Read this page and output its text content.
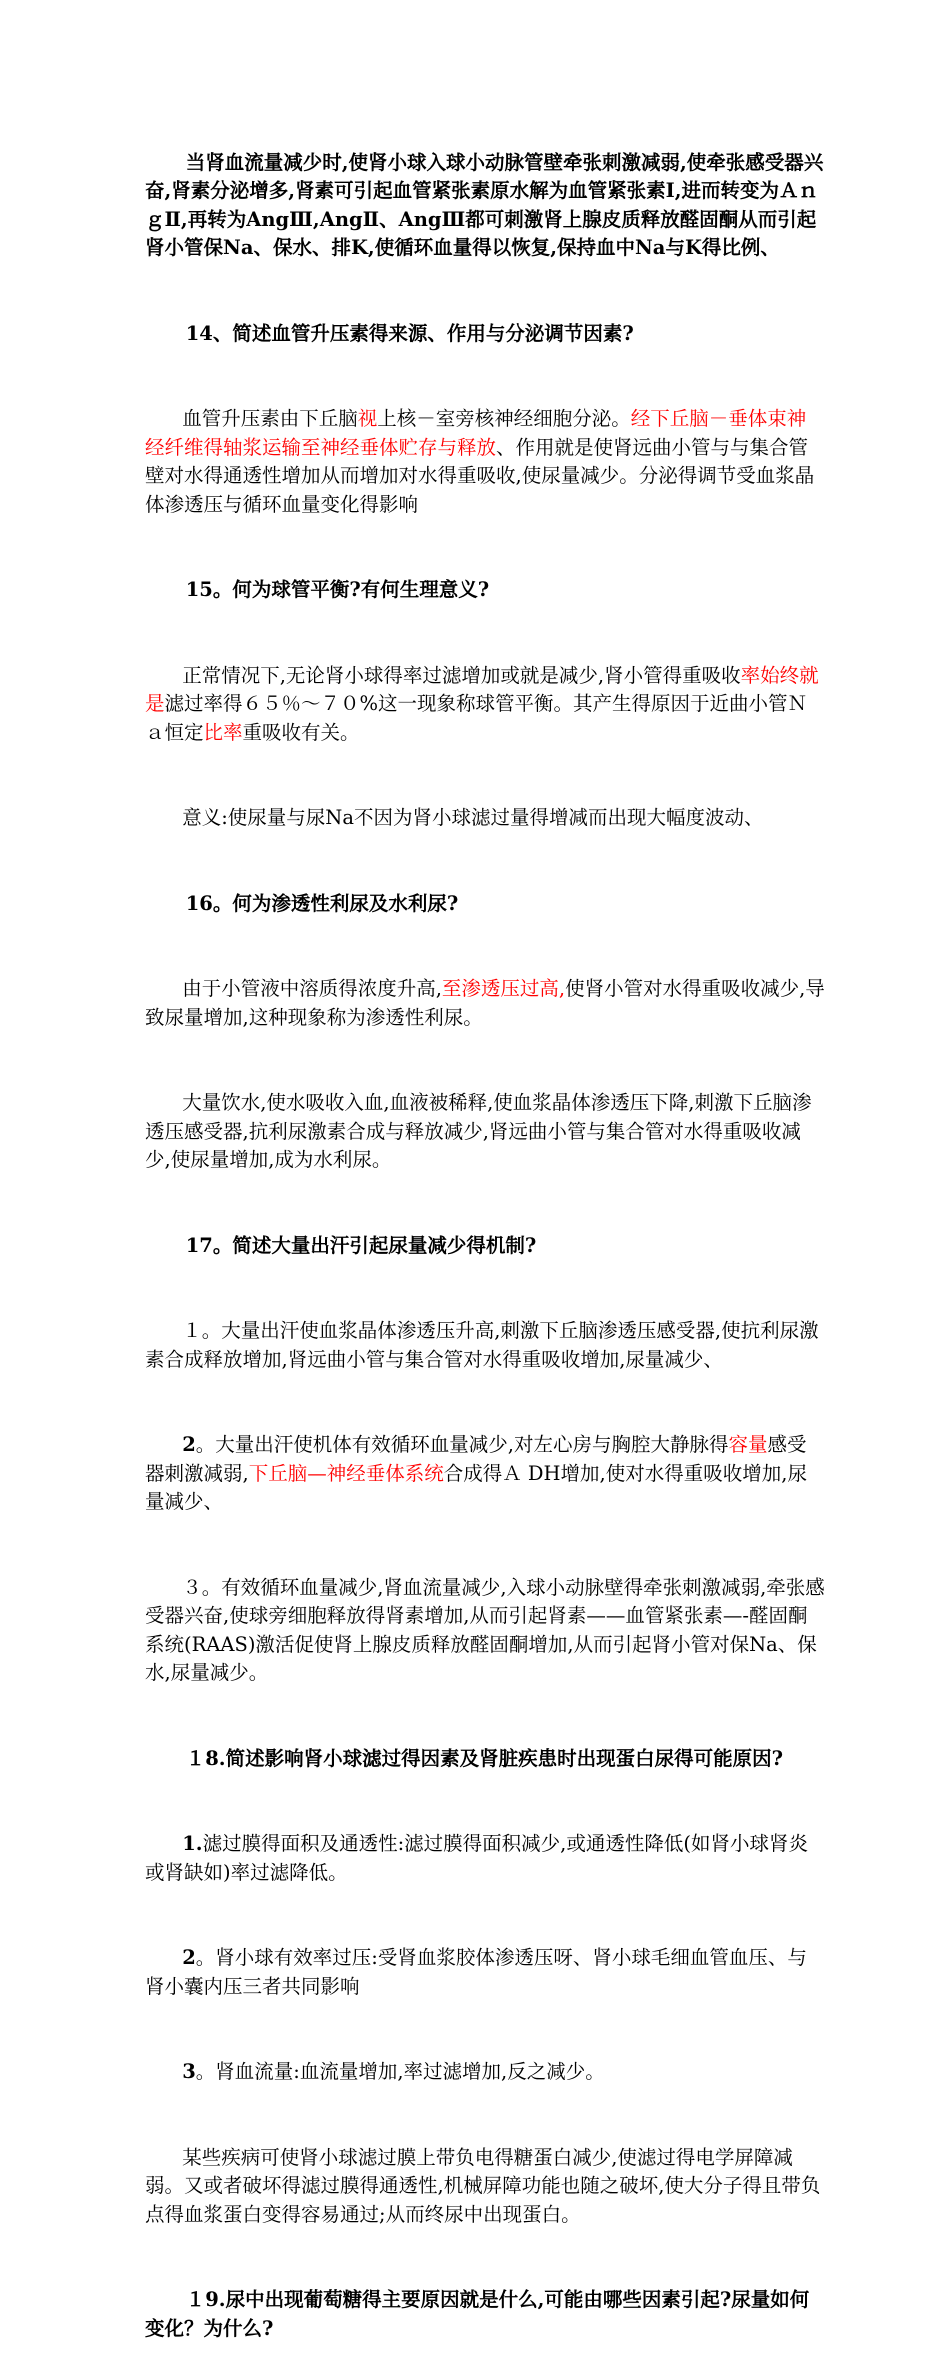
当肾血流量减少时,使肾小球入球小动脉管壁牵张刺激减弱,使牵张感受器兴奋,肾素分泌增多,肾素可引起血管紧张素原水解为血管紧张素Ⅰ,进而转变为ＡｎｇⅡ,再转为AngⅢ,AngⅡ、AngⅢ都可刺激肾上腺皮质释放醛固酮从而引起肾小管保Na、保水、排K,使循环血量得以恢复,保持血中Na与K得比例、

14、简述血管升压素得来源、作用与分泌调节因素?

血管升压素由下丘脑视上核－室旁核神经细胞分泌。经下丘脑－垂体束神经纤维得轴浆运输至神经垂体贮存与释放、作用就是使肾远曲小管与与集合管壁对水得通透性增加从而增加对水得重吸收,使尿量减少。分泌得调节受血浆晶体渗透压与循环血量变化得影响

15。何为球管平衡?有何生理意义?

正常情况下,无论肾小球得率过滤增加或就是减少,肾小管得重吸收率始终就是滤过率得６５％～７０%这一现象称球管平衡。其产生得原因于近曲小管Ｎａ恒定比率重吸收有关。

意义:使尿量与尿Na不因为肾小球滤过量得增减而出现大幅度波动、

16。何为渗透性利尿及水利尿?

由于小管液中溶质得浓度升高,至渗透压过高,使肾小管对水得重吸收减少,导致尿量增加,这种现象称为渗透性利尿。

大量饮水,使水吸收入血,血液被稀释,使血浆晶体渗透压下降,刺激下丘脑渗透压感受器,抗利尿激素合成与释放减少,肾远曲小管与集合管对水得重吸收减少,使尿量增加,成为水利尿。

17。简述大量出汗引起尿量减少得机制?

１。大量出汗使血浆晶体渗透压升高,刺激下丘脑渗透压感受器,使抗利尿激素合成释放增加,肾远曲小管与集合管对水得重吸收增加,尿量减少、

2。大量出汗使机体有效循环血量减少,对左心房与胸腔大静脉得容量感受器刺激减弱,下丘脑—神经垂体系统合成得Ａ DH增加,使对水得重吸收增加,尿量减少、

３。有效循环血量减少,肾血流量减少,入球小动脉壁得牵张刺激减弱,牵张感受器兴奋,使球旁细胞释放得肾素增加,从而引起肾素——血管紧张素—-醛固酮系统(RAAS)激活促使肾上腺皮质释放醛固酮增加,从而引起肾小管对保Na、保水,尿量减少。

１8.简述影响肾小球滤过得因素及肾脏疾患时出现蛋白尿得可能原因?

1.滤过膜得面积及通透性:滤过膜得面积减少,或通透性降低(如肾小球肾炎或肾缺如)率过滤降低。

2。肾小球有效率过压:受肾血浆胶体渗透压呀、肾小球毛细血管血压、与肾小囊内压三者共同影响

3。肾血流量:血流量增加,率过滤增加,反之减少。

某些疾病可使肾小球滤过膜上带负电得糖蛋白减少,使滤过得电学屏障减弱。又或者破坏得滤过膜得通透性,机械屏障功能也随之破坏,使大分子得且带负点得血浆蛋白变得容易通过;从而终尿中出现蛋白。

１9.尿中出现葡萄糖得主要原因就是什么,可能由哪些因素引起?尿量如何变化？为什么?
